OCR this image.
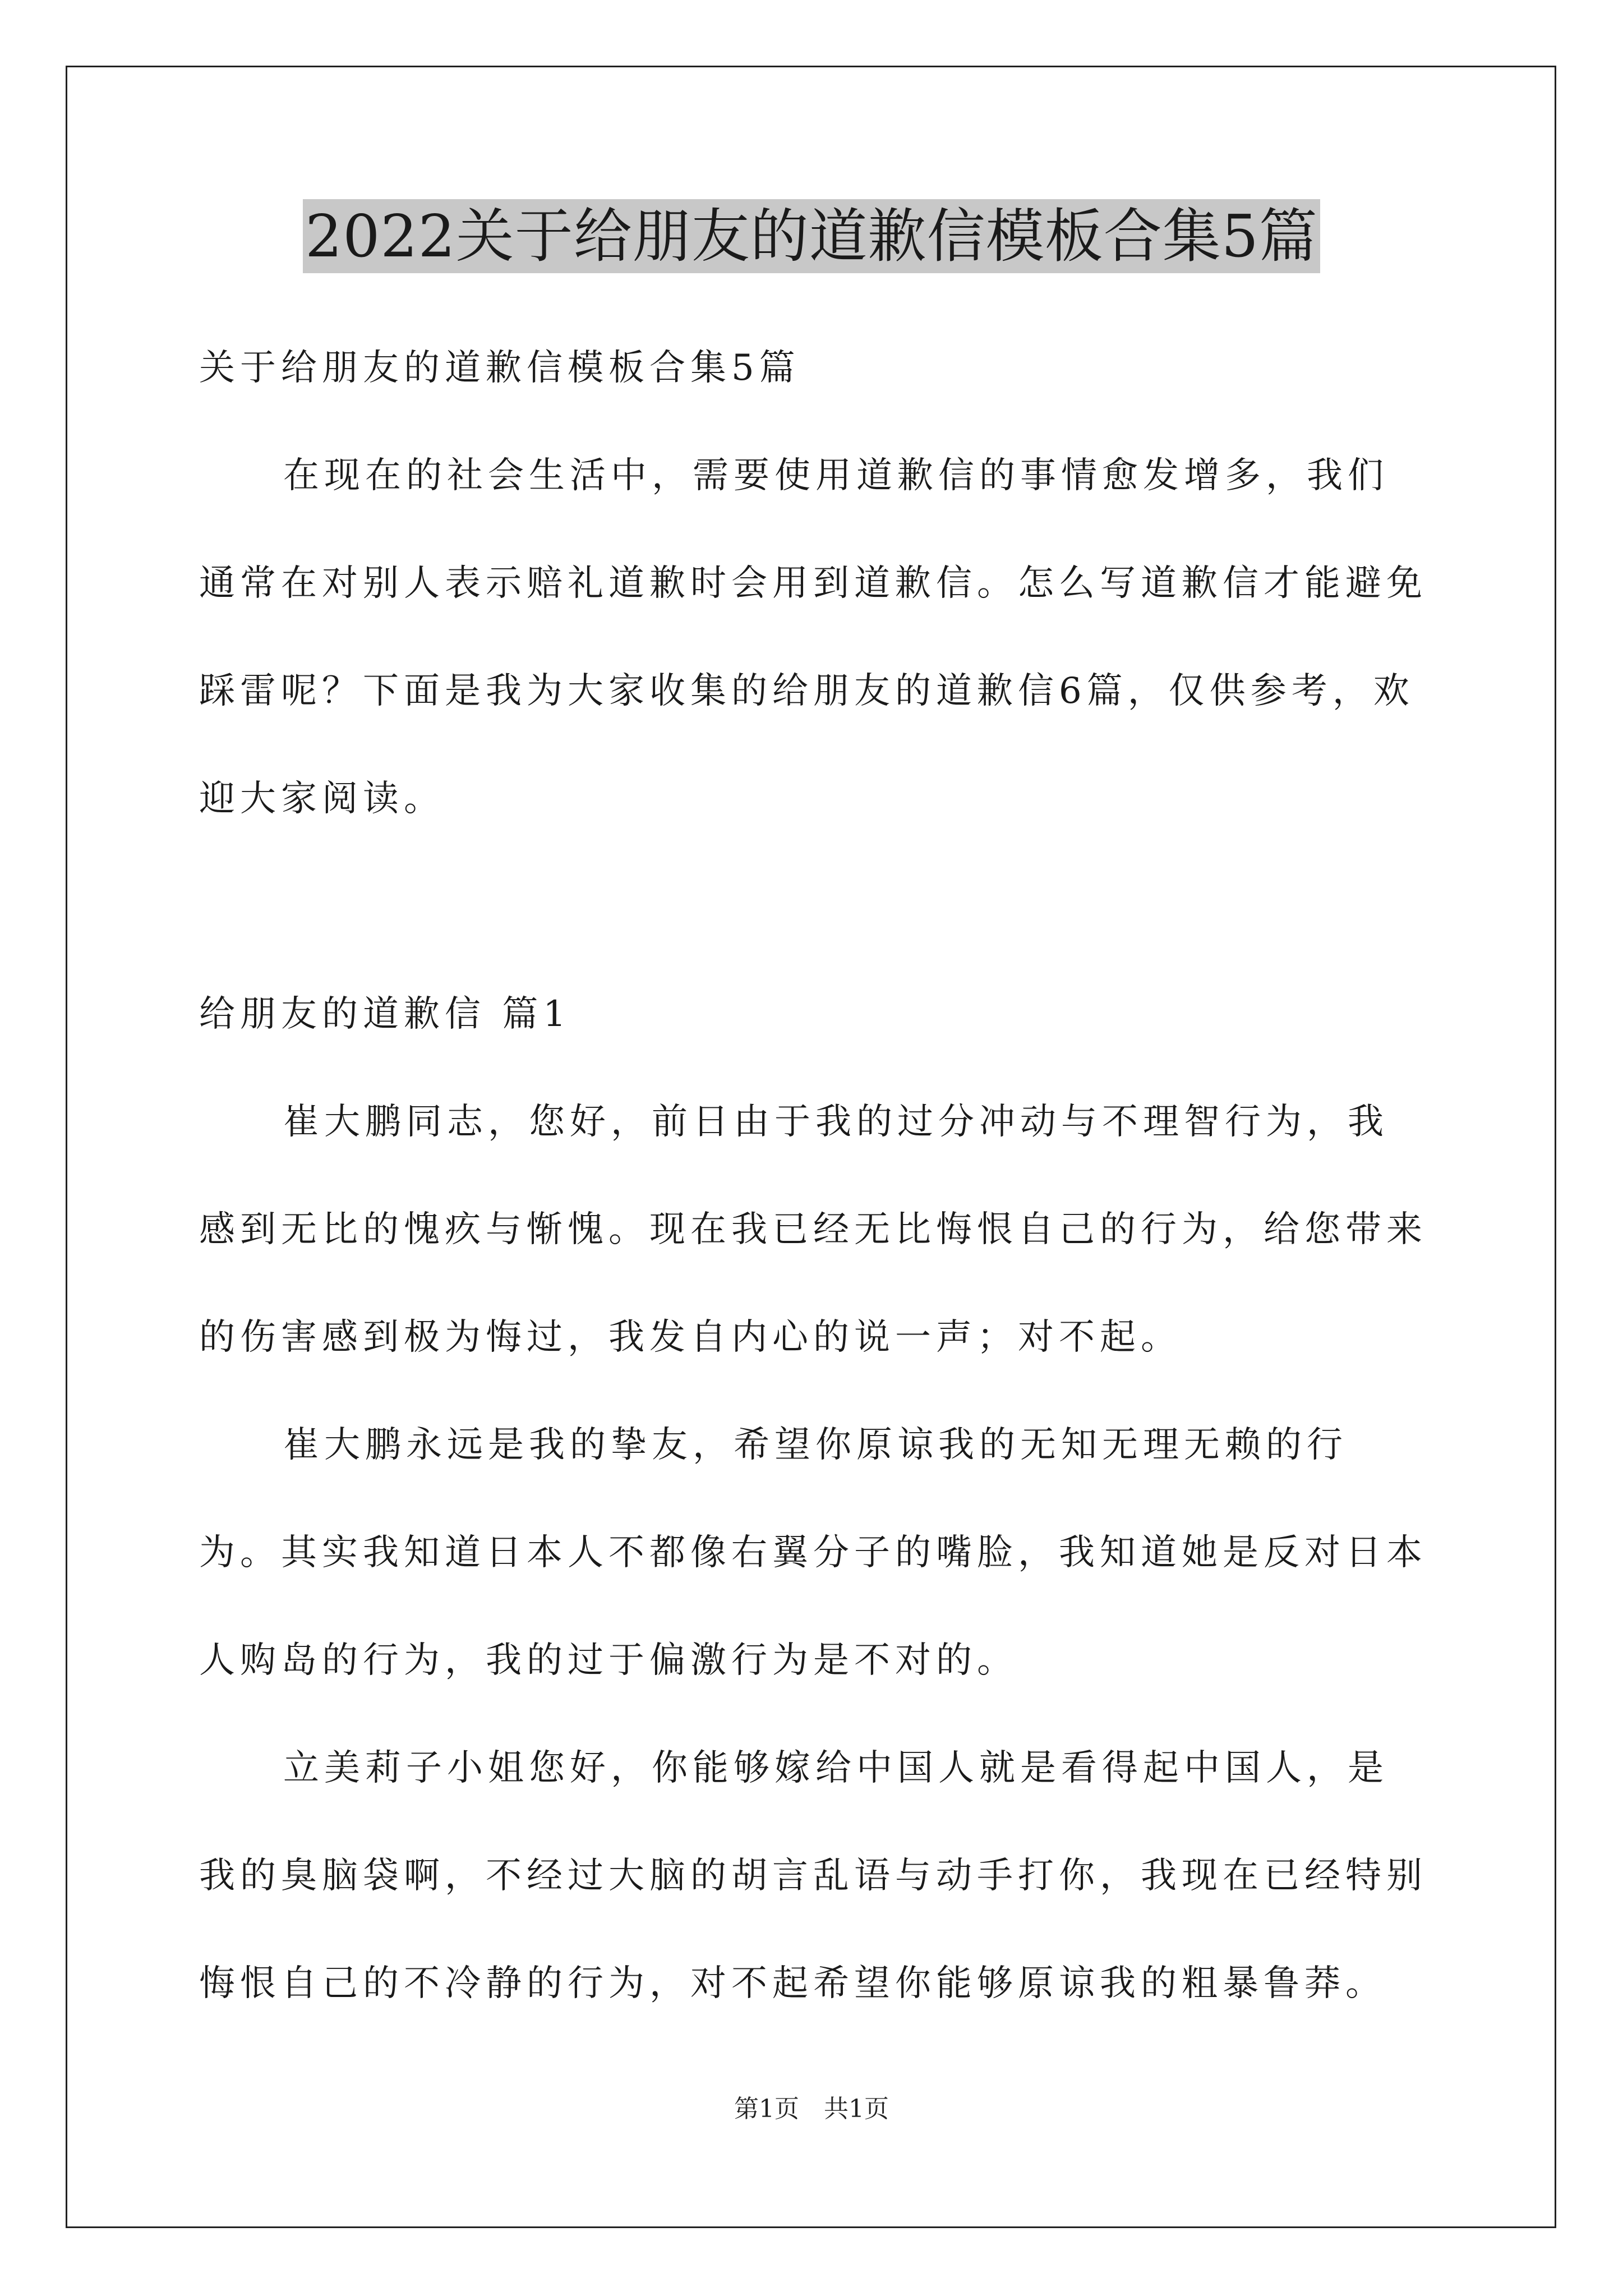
2022关于给朋友的道歉信模板合集5篇

关于给朋友的道歉信模板合集5篇

在现在的社会生活中，需要使用道歉信的事情愈发增多，我们通常在对别人表示赔礼道歉时会用到道歉信。怎么写道歉信才能避免踩雷呢？下面是我为大家收集的给朋友的道歉信6篇，仅供参考，欢迎大家阅读。

给朋友的道歉信 篇1

崔大鹏同志，您好，前日由于我的过分冲动与不理智行为，我感到无比的愧疚与惭愧。现在我已经无比悔恨自己的行为，给您带来的伤害感到极为悔过，我发自内心的说一声；对不起。

崔大鹏永远是我的挚友，希望你原谅我的无知无理无赖的行为。其实我知道日本人不都像右翼分子的嘴脸，我知道她是反对日本人购岛的行为，我的过于偏激行为是不对的。

立美莉子小姐您好，你能够嫁给中国人就是看得起中国人，是我的臭脑袋啊，不经过大脑的胡言乱语与动手打你，我现在已经特别悔恨自己的不冷静的行为，对不起希望你能够原谅我的粗暴鲁莽。

第1页　共1页
